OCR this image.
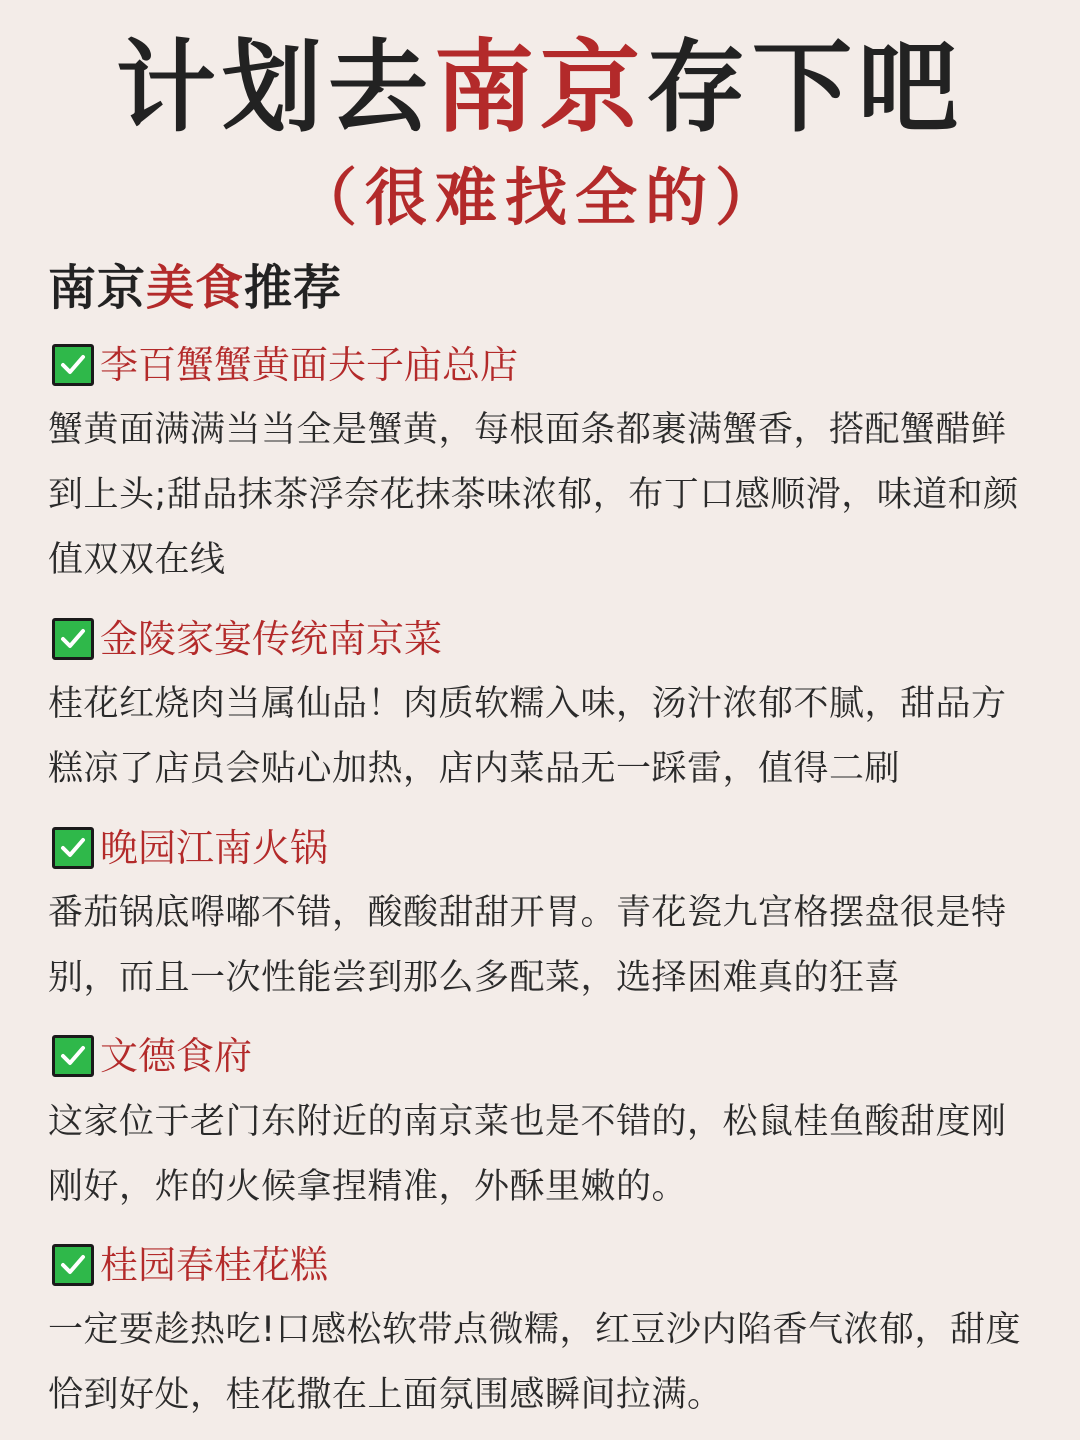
计划去南京存下吧
（很难找全的）
南京美食推荐
李百蟹蟹黄面夫子庙总店
蟹黄面满满当当全是蟹黄，每根面条都裹满蟹香，搭配蟹醋鲜到上头;甜品抹茶浮奈花抹茶味浓郁，布丁口感顺滑，味道和颜值双双在线
金陵家宴传统南京菜
桂花红烧肉当属仙品！肉质软糯入味，汤汁浓郁不腻，甜品方糕凉了店员会贴心加热，店内菜品无一踩雷，值得二刷
晚园江南火锅
番茄锅底嘚嘟不错，酸酸甜甜开胃。青花瓷九宫格摆盘很是特别，而且一次性能尝到那么多配菜，选择困难真的狂喜
文德食府
这家位于老门东附近的南京菜也是不错的，松鼠桂鱼酸甜度刚刚好，炸的火候拿捏精准，外酥里嫩的。
桂园春桂花糕
一定要趁热吃!口感松软带点微糯，红豆沙内陷香气浓郁，甜度恰到好处，桂花撒在上面氛围感瞬间拉满。
